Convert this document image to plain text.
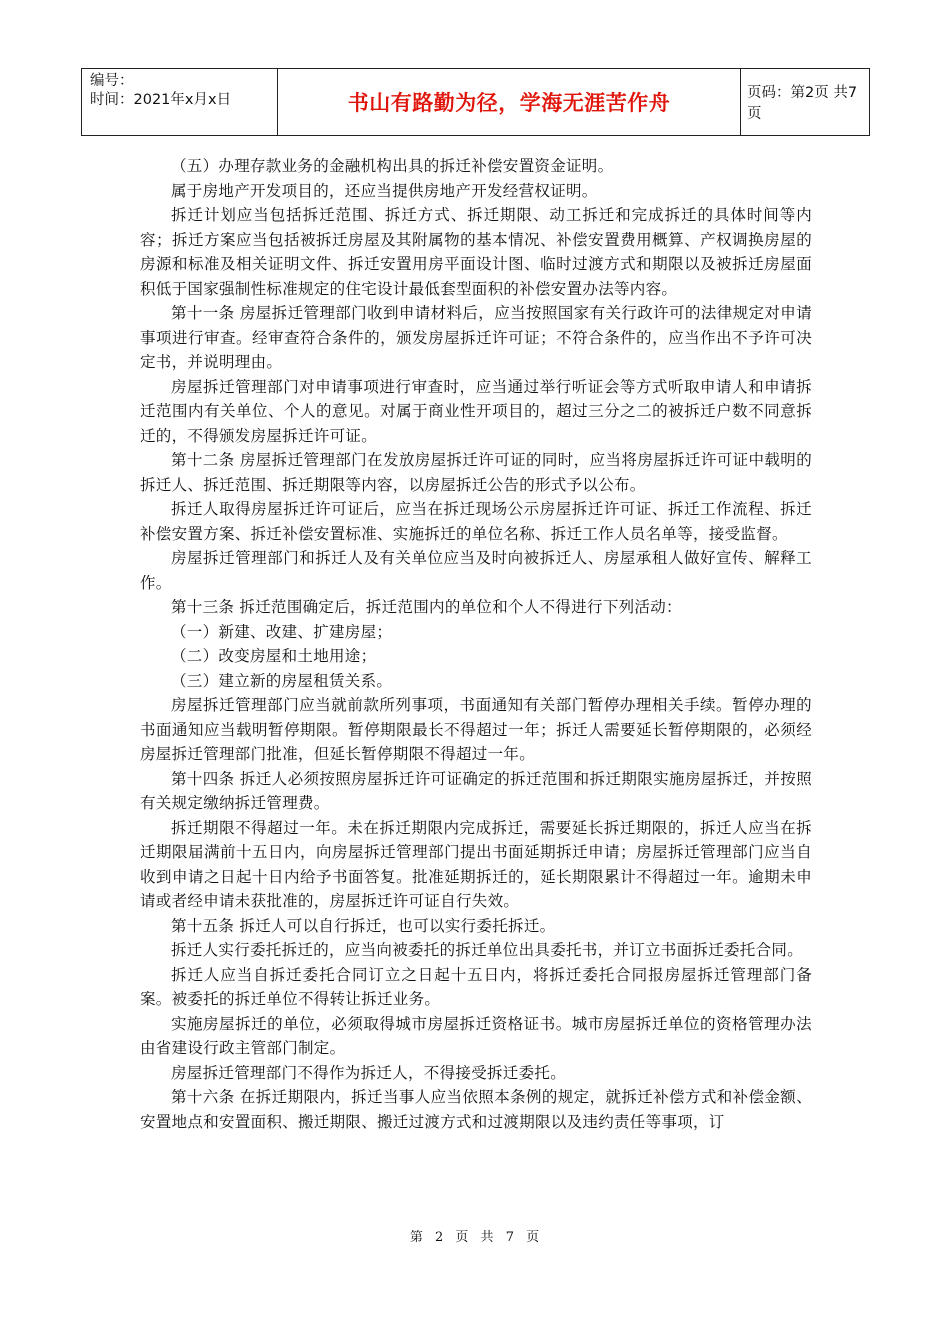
编号：
时间：2021年x月x日	书山有路勤为径，学海无涯苦作舟	页码：第2页 共7页

（五）办理存款业务的金融机构出具的拆迁补偿安置资金证明。

属于房地产开发项目的，还应当提供房地产开发经营权证明。

拆迁计划应当包括拆迁范围、拆迁方式、拆迁期限、动工拆迁和完成拆迁的具体时间等内容；拆迁方案应当包括被拆迁房屋及其附属物的基本情况、补偿安置费用概算、产权调换房屋的房源和标准及相关证明文件、拆迁安置用房平面设计图、临时过渡方式和期限以及被拆迁房屋面积低于国家强制性标准规定的住宅设计最低套型面积的补偿安置办法等内容。

第十一条 房屋拆迁管理部门收到申请材料后，应当按照国家有关行政许可的法律规定对申请事项进行审查。经审查符合条件的，颁发房屋拆迁许可证；不符合条件的，应当作出不予许可决定书，并说明理由。

房屋拆迁管理部门对申请事项进行审查时，应当通过举行听证会等方式听取申请人和申请拆迁范围内有关单位、个人的意见。对属于商业性开项目的，超过三分之二的被拆迁户数不同意拆迁的，不得颁发房屋拆迁许可证。

第十二条 房屋拆迁管理部门在发放房屋拆迁许可证的同时，应当将房屋拆迁许可证中载明的拆迁人、拆迁范围、拆迁期限等内容，以房屋拆迁公告的形式予以公布。

拆迁人取得房屋拆迁许可证后，应当在拆迁现场公示房屋拆迁许可证、拆迁工作流程、拆迁补偿安置方案、拆迁补偿安置标准、实施拆迁的单位名称、拆迁工作人员名单等，接受监督。

房屋拆迁管理部门和拆迁人及有关单位应当及时向被拆迁人、房屋承租人做好宣传、解释工作。

第十三条 拆迁范围确定后，拆迁范围内的单位和个人不得进行下列活动：

（一）新建、改建、扩建房屋；

（二）改变房屋和土地用途；

（三）建立新的房屋租赁关系。

房屋拆迁管理部门应当就前款所列事项，书面通知有关部门暂停办理相关手续。暂停办理的书面通知应当载明暂停期限。暂停期限最长不得超过一年；拆迁人需要延长暂停期限的，必须经房屋拆迁管理部门批准，但延长暂停期限不得超过一年。

第十四条 拆迁人必须按照房屋拆迁许可证确定的拆迁范围和拆迁期限实施房屋拆迁，并按照有关规定缴纳拆迁管理费。

拆迁期限不得超过一年。未在拆迁期限内完成拆迁，需要延长拆迁期限的，拆迁人应当在拆迁期限届满前十五日内，向房屋拆迁管理部门提出书面延期拆迁申请；房屋拆迁管理部门应当自收到申请之日起十日内给予书面答复。批准延期拆迁的，延长期限累计不得超过一年。逾期未申请或者经申请未获批准的，房屋拆迁许可证自行失效。

第十五条 拆迁人可以自行拆迁，也可以实行委托拆迁。

拆迁人实行委托拆迁的，应当向被委托的拆迁单位出具委托书，并订立书面拆迁委托合同。

拆迁人应当自拆迁委托合同订立之日起十五日内，将拆迁委托合同报房屋拆迁管理部门备案。被委托的拆迁单位不得转让拆迁业务。

实施房屋拆迁的单位，必须取得城市房屋拆迁资格证书。城市房屋拆迁单位的资格管理办法由省建设行政主管部门制定。

房屋拆迁管理部门不得作为拆迁人，不得接受拆迁委托。

第十六条 在拆迁期限内，拆迁当事人应当依照本条例的规定，就拆迁补偿方式和补偿金额、安置地点和安置面积、搬迁期限、搬迁过渡方式和过渡期限以及违约责任等事项，订

第 2 页 共 7 页
